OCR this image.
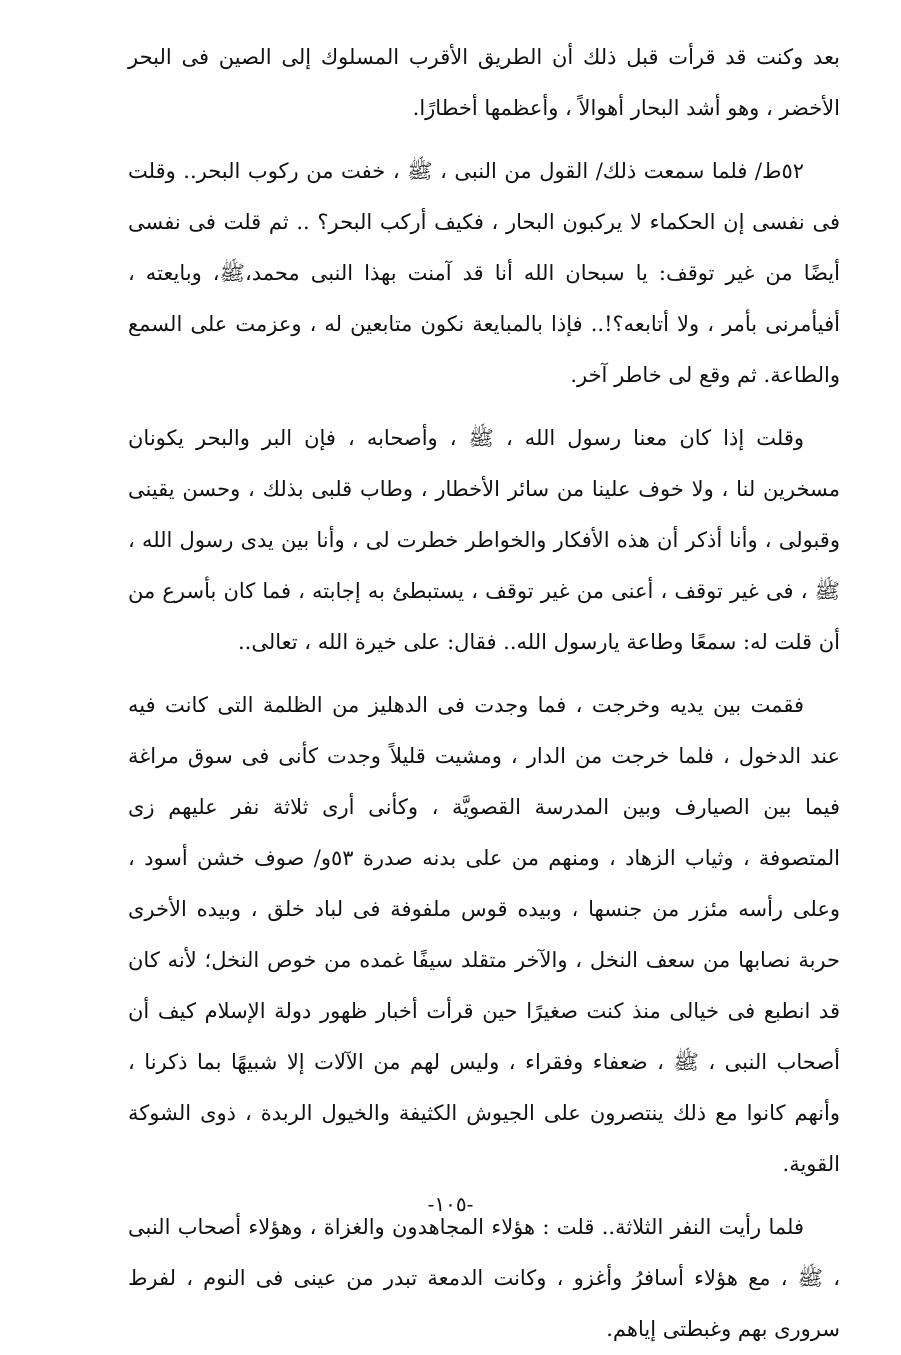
بعد وكنت قد قرأت قبل ذلك أن الطريق الأقرب المسلوك إلى الصين فى البحر الأخضر ، وهو أشد البحار أهوالاً ، وأعظمها أخطارًا.

٥٢ط/ فلما سمعت ذلك/ القول من النبى ، ﷺ ، خفت من ركوب البحر.. وقلت فى نفسى إن الحكماء لا يركبون البحار ، فكيف أركب البحر؟ .. ثم قلت فى نفسى أيضًا من غير توقف: يا سبحان الله أنا قد آمنت بهذا النبى محمد،ﷺ، وبايعته ، أفيأمرنى بأمر ، ولا أتابعه؟!.. فإذا بالمبايعة نكون متابعين له ، وعزمت على السمع والطاعة. ثم وقع لى خاطر آخر.

وقلت إذا كان معنا رسول الله ، ﷺ ، وأصحابه ، فإن البر والبحر يكونان مسخرين لنا ، ولا خوف علينا من سائر الأخطار ، وطاب قلبى بذلك ، وحسن يقينى وقبولى ، وأنا أذكر أن هذه الأفكار والخواطر خطرت لى ، وأنا بين يدى رسول الله ، ﷺ ، فى غير توقف ، أعنى من غير توقف ، يستبطئ به إجابته ، فما كان بأسرع من أن قلت له: سمعًا وطاعة يارسول الله.. فقال: على خيرة الله ، تعالى..

فقمت بين يديه وخرجت ، فما وجدت فى الدهليز من الظلمة التى كانت فيه عند الدخول ، فلما خرجت من الدار ، ومشيت قليلاً وجدت كأنى فى سوق مراغة فيما بين الصيارف وبين المدرسة القصويَّة ، وكأنى أرى ثلاثة نفر عليهم زى المتصوفة ، وثياب الزهاد ، ومنهم من على بدنه صدرة ٥٣و/ صوف خشن أسود ، وعلى رأسه مئزر من جنسها ، وبيده قوس ملفوفة فى لباد خلق ، وبيده الأخرى حربة نصابها من سعف النخل ، والآخر متقلد سيفًا غمده من خوص النخل؛ لأنه كان قد انطبع فى خيالى منذ كنت صغيرًا حين قرأت أخبار ظهور دولة الإسلام كيف أن أصحاب النبى ، ﷺ ، ضعفاء وفقراء ، وليس لهم من الآلات إلا شبيهًا بما ذكرنا ، وأنهم كانوا مع ذلك ينتصرون على الجيوش الكثيفة والخيول الربدة ، ذوى الشوكة القوية.

فلما رأيت النفر الثلاثة.. قلت : هؤلاء المجاهدون والغزاة ، وهؤلاء أصحاب النبى ، ﷺ ، مع هؤلاء أسافرُ وأغزو ، وكانت الدمعة تبدر من عينى فى النوم ، لفرط سرورى بهم وغبطتى إياهم.

-١٠٥-
